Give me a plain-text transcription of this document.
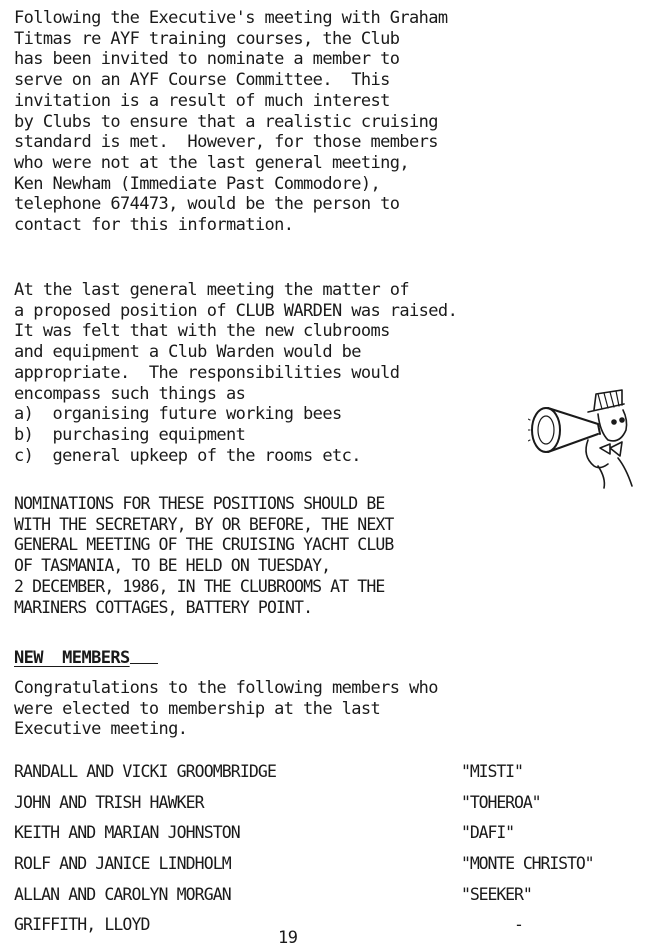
Following the Executive's meeting with Graham
Titmas re AYF training courses, the Club
has been invited to nominate a member to
serve on an AYF Course Committee.  This
invitation is a result of much interest
by Clubs to ensure that a realistic cruising
standard is met.  However, for those members
who were not at the last general meeting,
Ken Newham (Immediate Past Commodore),
telephone 674473, would be the person to
contact for this information.

At the last general meeting the matter of
a proposed position of CLUB WARDEN was raised.
It was felt that with the new clubrooms
and equipment a Club Warden would be
appropriate.  The responsibilities would
encompass such things as
a)  organising future working bees
b)  purchasing equipment
c)  general upkeep of the rooms etc.

NOMINATIONS FOR THESE POSITIONS SHOULD BE
WITH THE SECRETARY, BY OR BEFORE, THE NEXT
GENERAL MEETING OF THE CRUISING YACHT CLUB
OF TASMANIA, TO BE HELD ON TUESDAY,
2 DECEMBER, 1986, IN THE CLUBROOMS AT THE
MARINERS COTTAGES, BATTERY POINT.

NEW  MEMBERS

Congratulations to the following members who
were elected to membership at the last
Executive meeting.

RANDALL AND VICKI GROOMBRIDGE	"MISTI"
JOHN AND TRISH HAWKER	"TOHEROA"
KEITH AND MARIAN JOHNSTON	"DAFI"
ROLF AND JANICE LINDHOLM	"MONTE CHRISTO"
ALLAN AND CAROLYN MORGAN	"SEEKER"
GRIFFITH, LLOYD	-
19
